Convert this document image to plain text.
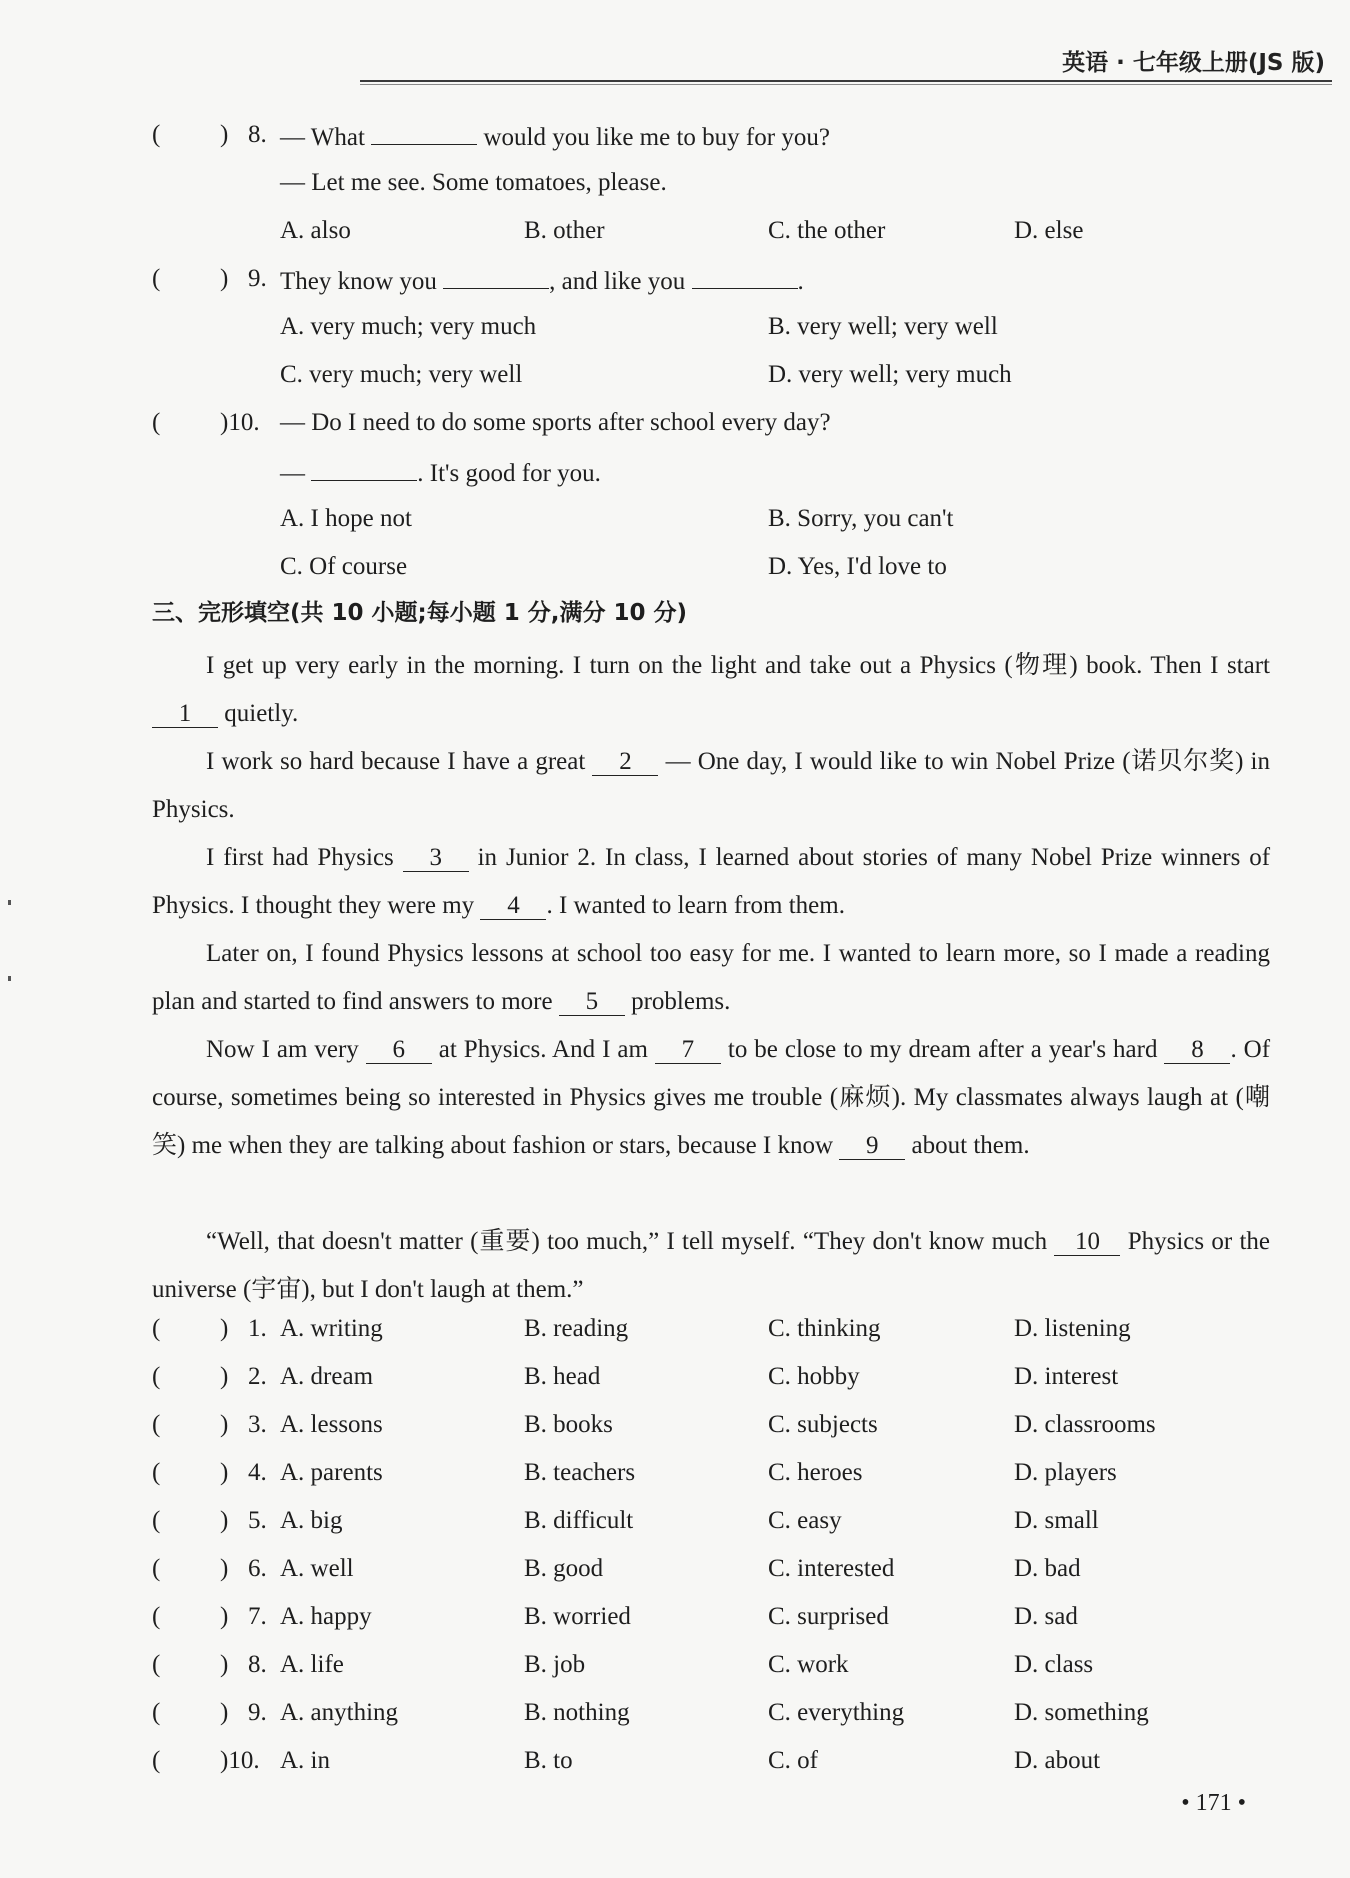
英语 · 七年级上册(JS 版)
( ) 8. — What	would you like me to buy for you?
— Let me see. Some tomatoes, please.
A. also	B. other	C. the other	D. else
( ) 9. They know you	, and like you	.
A. very much; very much	B. very well; very well
C. very much; very well	D. very well; very much
( )10. — Do I need to do some sports after school every day?
—	. It's good for you.
A. I hope not	B. Sorry, you can't
C. Of course	D. Yes, I'd love to
三、完形填空(共 10 小题;每小题 1 分,满分 10 分)
I get up very early in the morning. I turn on the light and take out a Physics (物理) book. Then I start 1 quietly.
I work so hard because I have a great 2 — One day, I would like to win Nobel Prize (诺贝尔奖) in Physics.
I first had Physics 3 in Junior 2. In class, I learned about stories of many Nobel Prize winners of Physics. I thought they were my 4 . I wanted to learn from them.
Later on, I found Physics lessons at school too easy for me. I wanted to learn more, so I made a reading plan and started to find answers to more 5 problems.
Now I am very 6 at Physics. And I am 7 to be close to my dream after a year's hard 8 . Of course, sometimes being so interested in Physics gives me trouble (麻烦). My classmates always laugh at (嘲笑) me when they are talking about fashion or stars, because I know 9 about them.
“Well, that doesn't matter (重要) too much,” I tell myself. “They don't know much 10 Physics or the universe (宇宙), but I don't laugh at them.”
( ) 1. A. writing	B. reading	C. thinking	D. listening
( ) 2. A. dream	B. head	C. hobby	D. interest
( ) 3. A. lessons	B. books	C. subjects	D. classrooms
( ) 4. A. parents	B. teachers	C. heroes	D. players
( ) 5. A. big	B. difficult	C. easy	D. small
( ) 6. A. well	B. good	C. interested	D. bad
( ) 7. A. happy	B. worried	C. surprised	D. sad
( ) 8. A. life	B. job	C. work	D. class
( ) 9. A. anything	B. nothing	C. everything	D. something
( )10. A. in	B. to	C. of	D. about
• 171 •
